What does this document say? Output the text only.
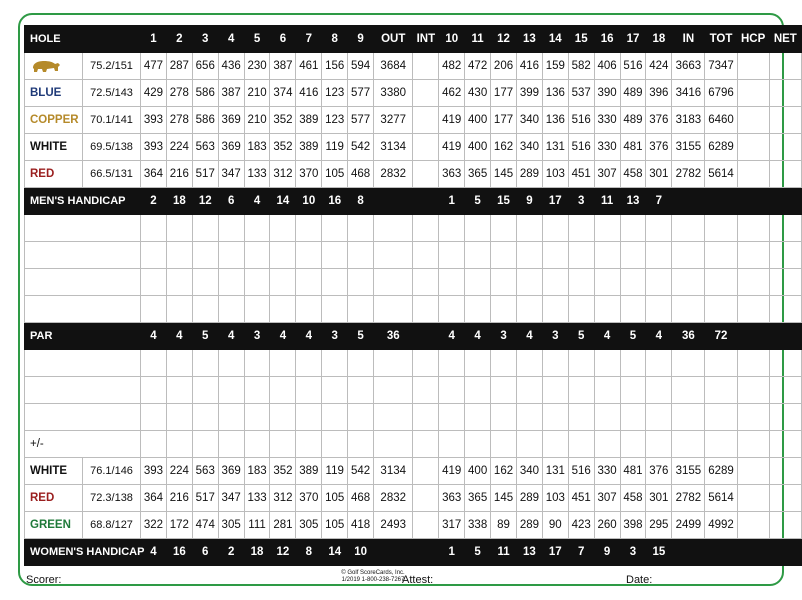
HOLE		1	2	3	4	5	6	7	8	9	OUT	INT	10	11	12	13	14	15	16	17	18	IN	TOT	HCP	NET
	75.2/151	477	287	656	436	230	387	461	156	594	3684		482	472	206	416	159	582	406	516	424	3663	7347		
BLUE	72.5/143	429	278	586	387	210	374	416	123	577	3380		462	430	177	399	136	537	390	489	396	3416	6796		
COPPER	70.1/141	393	278	586	369	210	352	389	123	577	3277		419	400	177	340	136	516	330	489	376	3183	6460		
WHITE	69.5/138	393	224	563	369	183	352	389	119	542	3134		419	400	162	340	131	516	330	481	376	3155	6289		
RED	66.5/131	364	216	517	347	133	312	370	105	468	2832		363	365	145	289	103	451	307	458	301	2782	5614		
MEN'S HANDICAP		2	18	12	6	4	14	10	16	8			1	5	15	9	17	3	11	13	7				

PAR		4	4	5	4	3	4	4	3	5	36		4	4	3	4	3	5	4	5	4	36	72		

+/-																									
WHITE	76.1/146	393	224	563	369	183	352	389	119	542	3134		419	400	162	340	131	516	330	481	376	3155	6289		
RED	72.3/138	364	216	517	347	133	312	370	105	468	2832		363	365	145	289	103	451	307	458	301	2782	5614		
GREEN	68.8/127	322	172	474	305	111	281	305	105	418	2493		317	338	89	289	90	423	260	398	295	2499	4992		
WOMEN'S HANDICAP		4	16	6	2	18	12	8	14	10			1	5	11	13	17	7	9	3	15				
Scorer:
© Golf ScoreCards, Inc.
1/2019 1-800-238-7267
Attest:	Date:
